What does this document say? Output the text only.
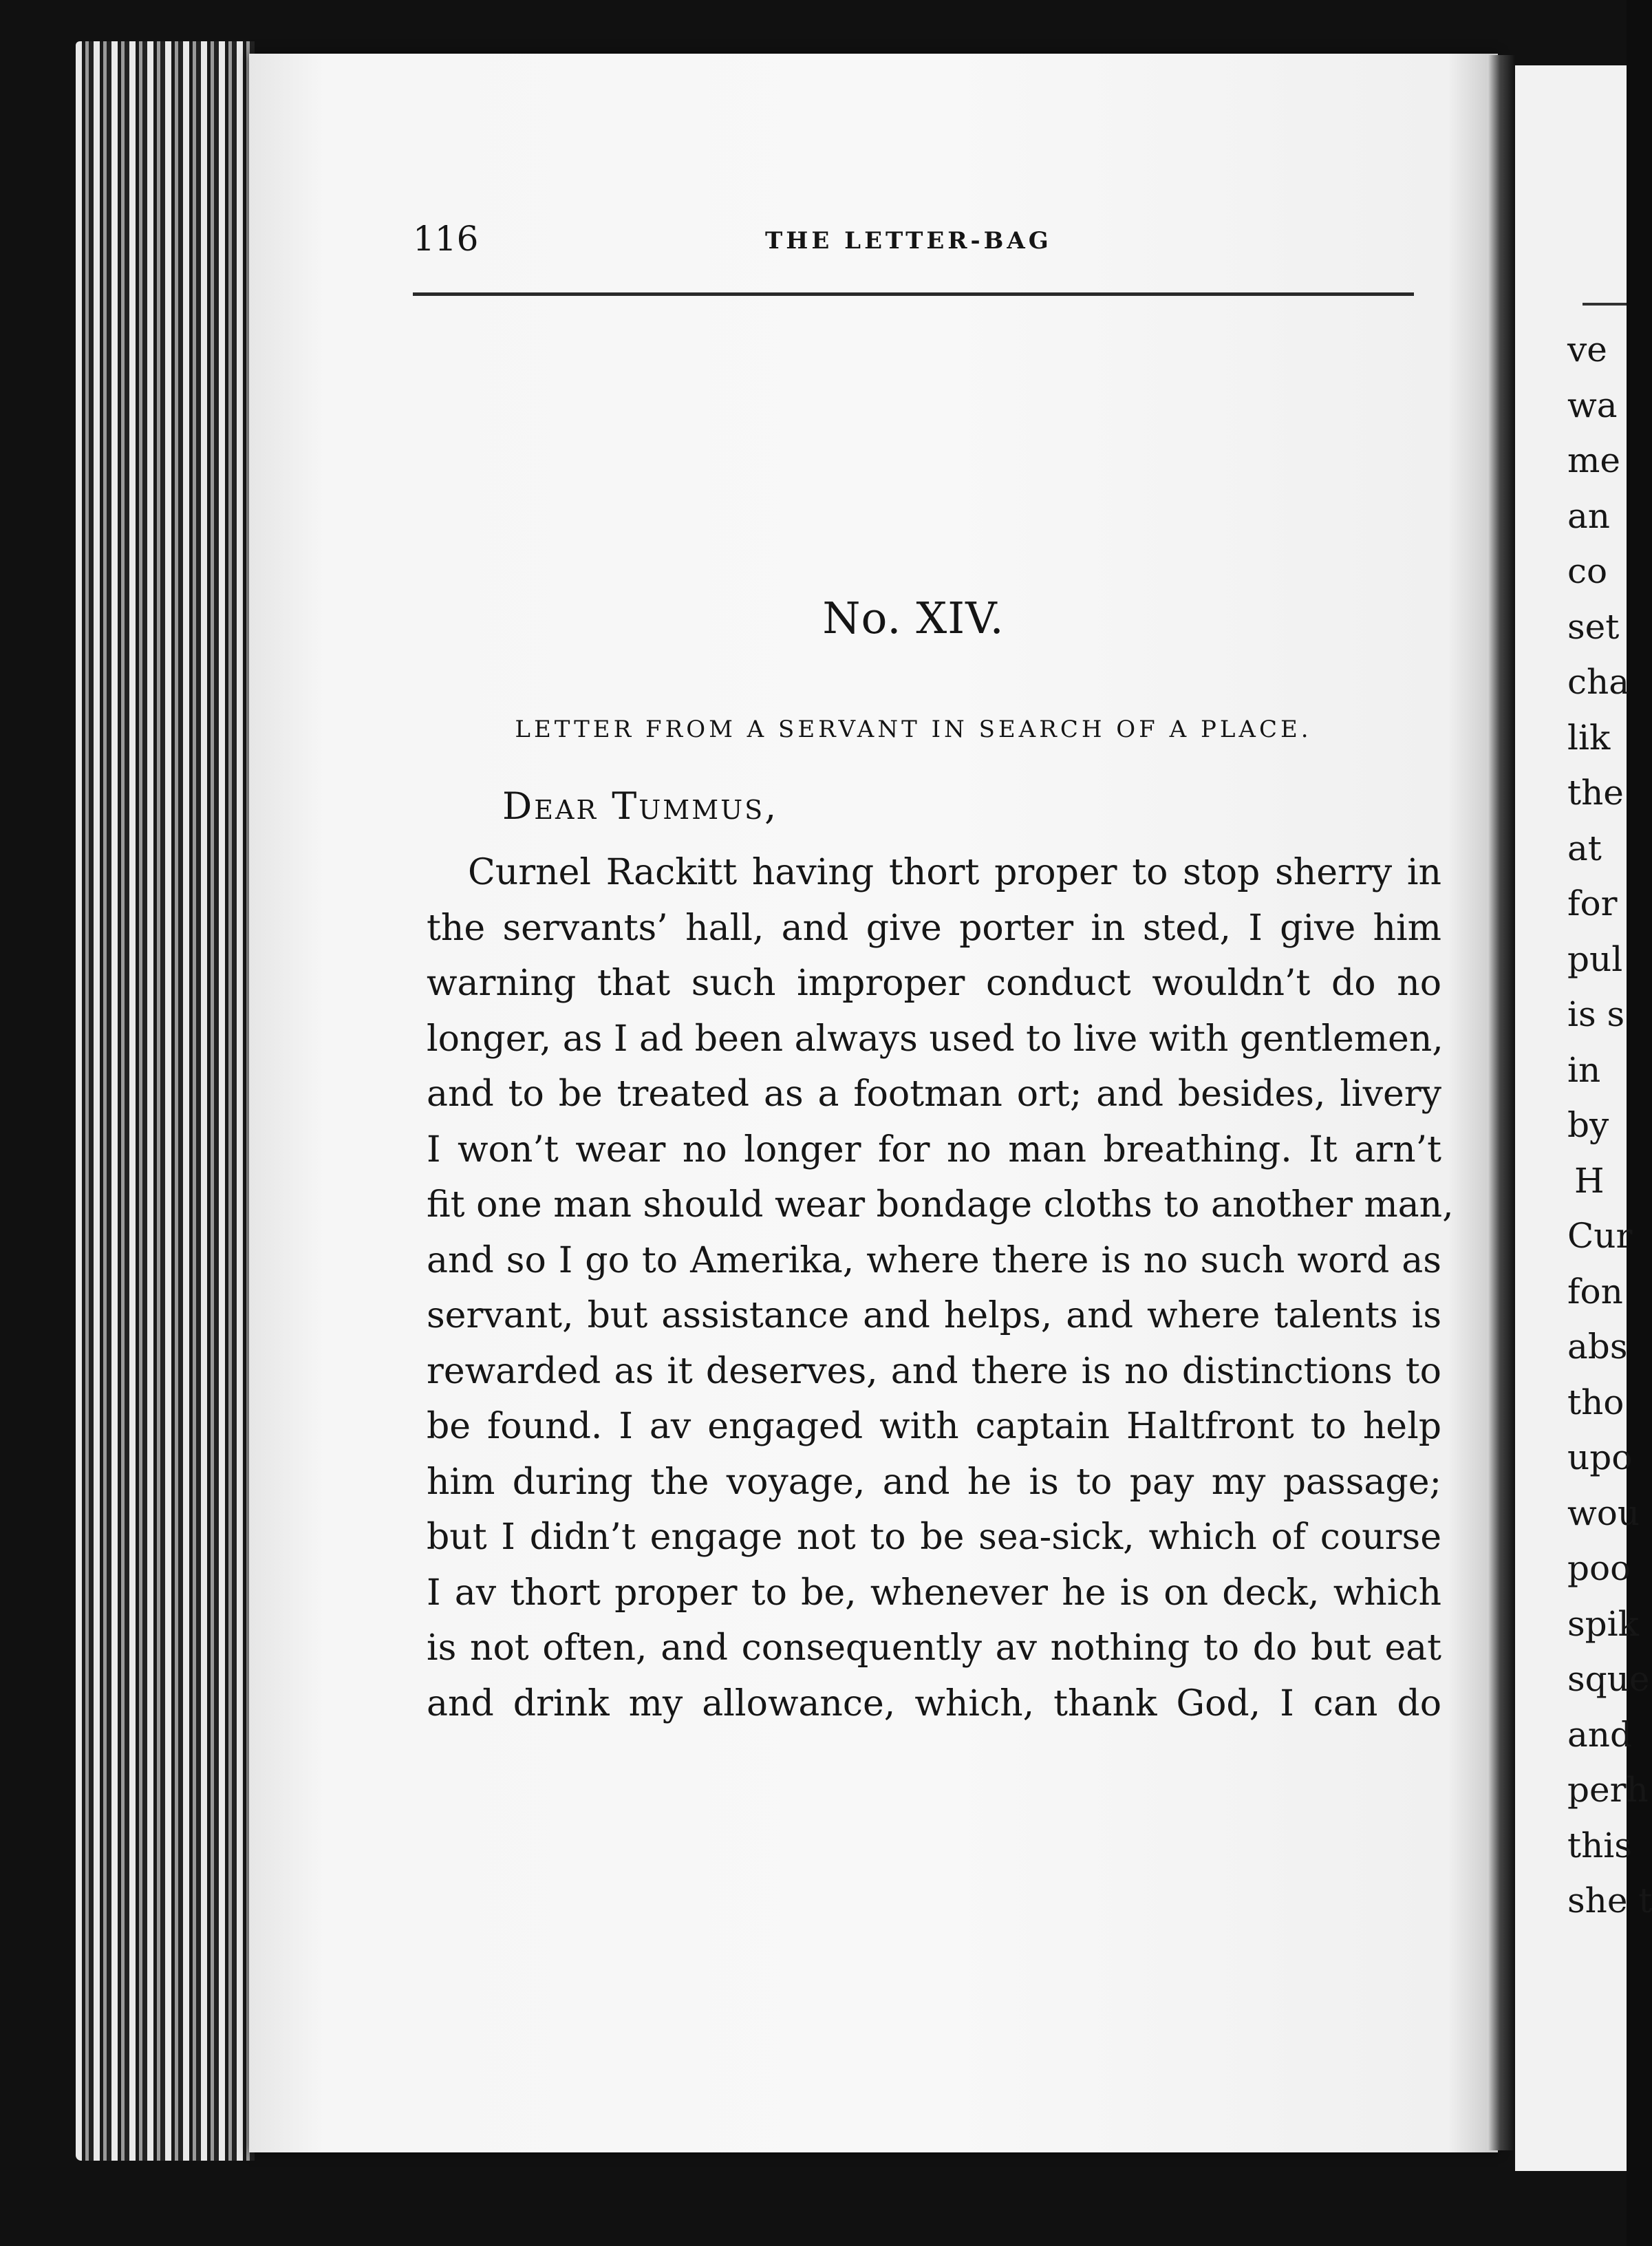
116	THE LETTER-BAG
No. XIV.
LETTER FROM A SERVANT IN SEARCH OF A PLACE.
Dear Tummus,
Curnel Rackitt having thort proper to stop sherry in
the servants’ hall, and give porter in sted, I give him
warning that such improper conduct wouldn’t do no
longer, as I ad been always used to live with gentlemen,
and to be treated as a footman ort; and besides, livery
I won’t wear no longer for no man breathing. It arn’t
fit one man should wear bondage cloths to another man,
and so I go to Amerika, where there is no such word as
servant, but assistance and helps, and where talents is
rewarded as it deserves, and there is no distinctions to
be found. I av engaged with captain Haltfront to help
him during the voyage, and he is to pay my passage;
but I didn’t engage not to be sea-sick, which of course
I av thort proper to be, whenever he is on deck, which
is not often, and consequently av nothing to do but eat
and drink my allowance, which, thank God, I can do
ve
wa
me
an
co
set
cha
lik
the
at
for
pul
is s
in
by
H
Cur
fon
abs
tho
upo
wou
poo
spik
sque
and
perh
this
she t
